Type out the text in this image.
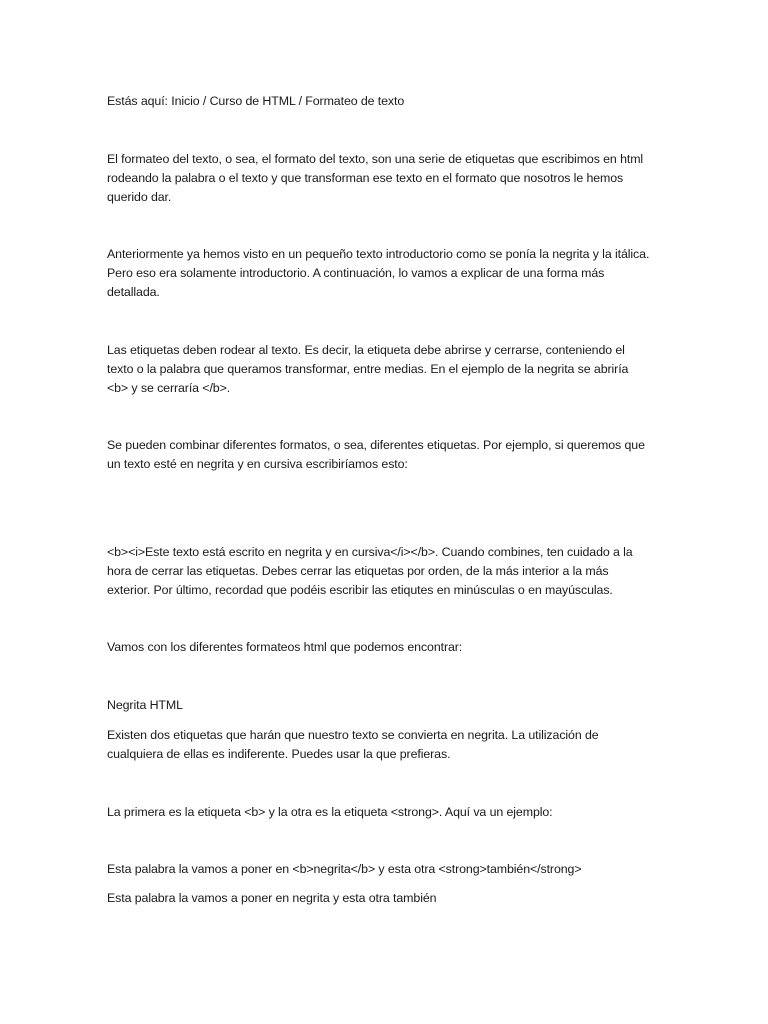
Estás aquí: Inicio / Curso de HTML / Formateo de texto

El formateo del texto, o sea, el formato del texto, son una serie de etiquetas que escribimos en html rodeando la palabra o el texto y que transforman ese texto en el formato que nosotros le hemos querido dar.

Anteriormente ya hemos visto en un pequeño texto introductorio como se ponía la negrita y la itálica. Pero eso era solamente introductorio. A continuación, lo vamos a explicar de una forma más detallada.

Las etiquetas deben rodear al texto. Es decir, la etiqueta debe abrirse y cerrarse, conteniendo el texto o la palabra que queramos transformar, entre medias. En el ejemplo de la negrita se abriría <b> y se cerraría </b>.

Se pueden combinar diferentes formatos, o sea, diferentes etiquetas. Por ejemplo, si queremos que un texto esté en negrita y en cursiva escribiríamos esto:

<b><i>Este texto está escrito en negrita y en cursiva</i></b>. Cuando combines, ten cuidado a la hora de cerrar las etiquetas. Debes cerrar las etiquetas por orden, de la más interior a la más exterior. Por último, recordad que podéis escribir las etiqutes en minúsculas o en mayúsculas.

Vamos con los diferentes formateos html que podemos encontrar:

Negrita HTML

Existen dos etiquetas que harán que nuestro texto se convierta en negrita. La utilización de cualquiera de ellas es indiferente. Puedes usar la que prefieras.

La primera es la etiqueta <b> y la otra es la etiqueta <strong>. Aquí va un ejemplo:

Esta palabra la vamos a poner en <b>negrita</b> y esta otra <strong>también</strong>

Esta palabra la vamos a poner en negrita y esta otra también
